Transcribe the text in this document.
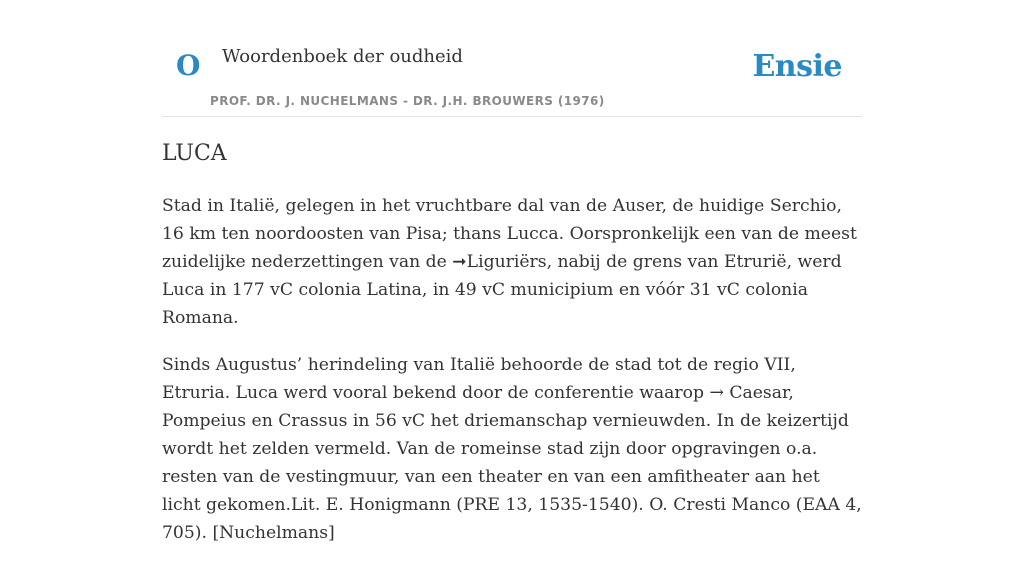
O Woordenboek der oudheid	Ensie
PROF. DR. J. NUCHELMANS - DR. J.H. BROUWERS (1976)
LUCA

Stad in Italië, gelegen in het vruchtbare dal van de Auser, de huidige Serchio, 16 km ten noordoosten van Pisa; thans Lucca. Oorspronkelijk een van de meest zuidelijke nederzettingen van de ➞Liguriërs, nabij de grens van Etrurië, werd Luca in 177 vC colonia Latina, in 49 vC municipium en vóór 31 vC colonia Romana.

Sinds Augustus’ herindeling van Italië behoorde de stad tot de regio VII, Etruria. Luca werd vooral bekend door de conferentie waarop → Caesar, Pompeius en Crassus in 56 vC het driemanschap vernieuwden. In de keizertijd wordt het zelden vermeld. Van de romeinse stad zijn door opgravingen o.a. resten van de vestingmuur, van een theater en van een amfitheater aan het licht gekomen.Lit. E. Honigmann (PRE 13, 1535-1540). O. Cresti Manco (EAA 4, 705). [Nuchelmans]
